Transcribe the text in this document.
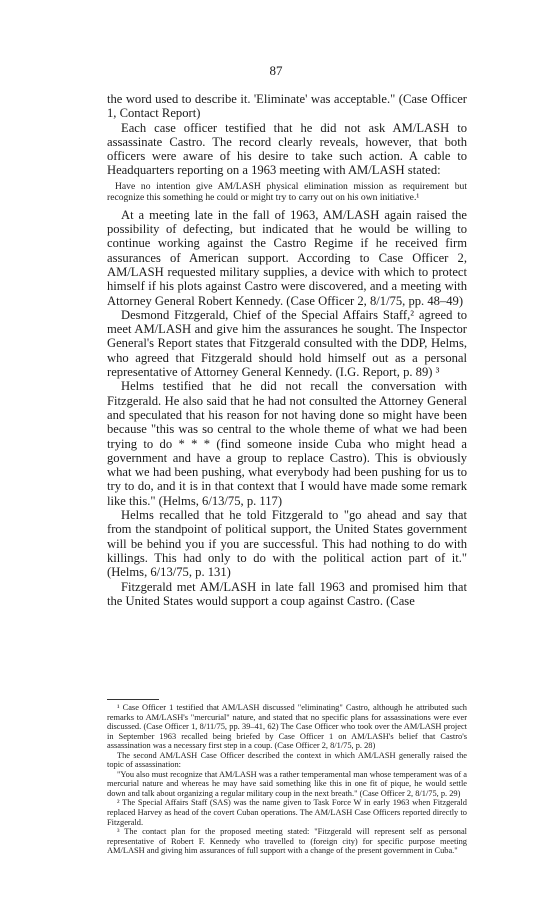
87

the word used to describe it. 'Eliminate' was acceptable." (Case Officer 1, Contact Report)

Each case officer testified that he did not ask AM/LASH to assassinate Castro. The record clearly reveals, however, that both officers were aware of his desire to take such action. A cable to Headquarters reporting on a 1963 meeting with AM/LASH stated:

Have no intention give AM/LASH physical elimination mission as requirement but recognize this something he could or might try to carry out on his own initiative.¹

At a meeting late in the fall of 1963, AM/LASH again raised the possibility of defecting, but indicated that he would be willing to continue working against the Castro Regime if he received firm assurances of American support. According to Case Officer 2, AM/LASH requested military supplies, a device with which to protect himself if his plots against Castro were discovered, and a meeting with Attorney General Robert Kennedy. (Case Officer 2, 8/1/75, pp. 48–49)

Desmond Fitzgerald, Chief of the Special Affairs Staff,² agreed to meet AM/LASH and give him the assurances he sought. The Inspector General's Report states that Fitzgerald consulted with the DDP, Helms, who agreed that Fitzgerald should hold himself out as a personal representative of Attorney General Kennedy. (I.G. Report, p. 89) ³

Helms testified that he did not recall the conversation with Fitzgerald. He also said that he had not consulted the Attorney General and speculated that his reason for not having done so might have been because "this was so central to the whole theme of what we had been trying to do * * * (find someone inside Cuba who might head a government and have a group to replace Castro). This is obviously what we had been pushing, what everybody had been pushing for us to try to do, and it is in that context that I would have made some remark like this." (Helms, 6/13/75, p. 117)

Helms recalled that he told Fitzgerald to "go ahead and say that from the standpoint of political support, the United States government will be behind you if you are successful. This had nothing to do with killings. This had only to do with the political action part of it." (Helms, 6/13/75, p. 131)

Fitzgerald met AM/LASH in late fall 1963 and promised him that the United States would support a coup against Castro. (Case

¹ Case Officer 1 testified that AM/LASH discussed "eliminating" Castro, although he attributed such remarks to AM/LASH's "mercurial" nature, and stated that no specific plans for assassinations were ever discussed. (Case Officer 1, 8/11/75, pp. 39–41, 62) The Case Officer who took over the AM/LASH project in September 1963 recalled being briefed by Case Officer 1 on AM/LASH's belief that Castro's assassination was a necessary first step in a coup. (Case Officer 2, 8/1/75, p. 28)

The second AM/LASH Case Officer described the context in which AM/LASH generally raised the topic of assassination:

"You also must recognize that AM/LASH was a rather temperamental man whose temperament was of a mercurial nature and whereas he may have said something like this in one fit of pique, he would settle down and talk about organizing a regular military coup in the next breath." (Case Officer 2, 8/1/75, p. 29)

² The Special Affairs Staff (SAS) was the name given to Task Force W in early 1963 when Fitzgerald replaced Harvey as head of the covert Cuban operations. The AM/LASH Case Officers reported directly to Fitzgerald.

³ The contact plan for the proposed meeting stated: "Fitzgerald will represent self as personal representative of Robert F. Kennedy who travelled to (foreign city) for specific purpose meeting AM/LASH and giving him assurances of full support with a change of the present government in Cuba."
